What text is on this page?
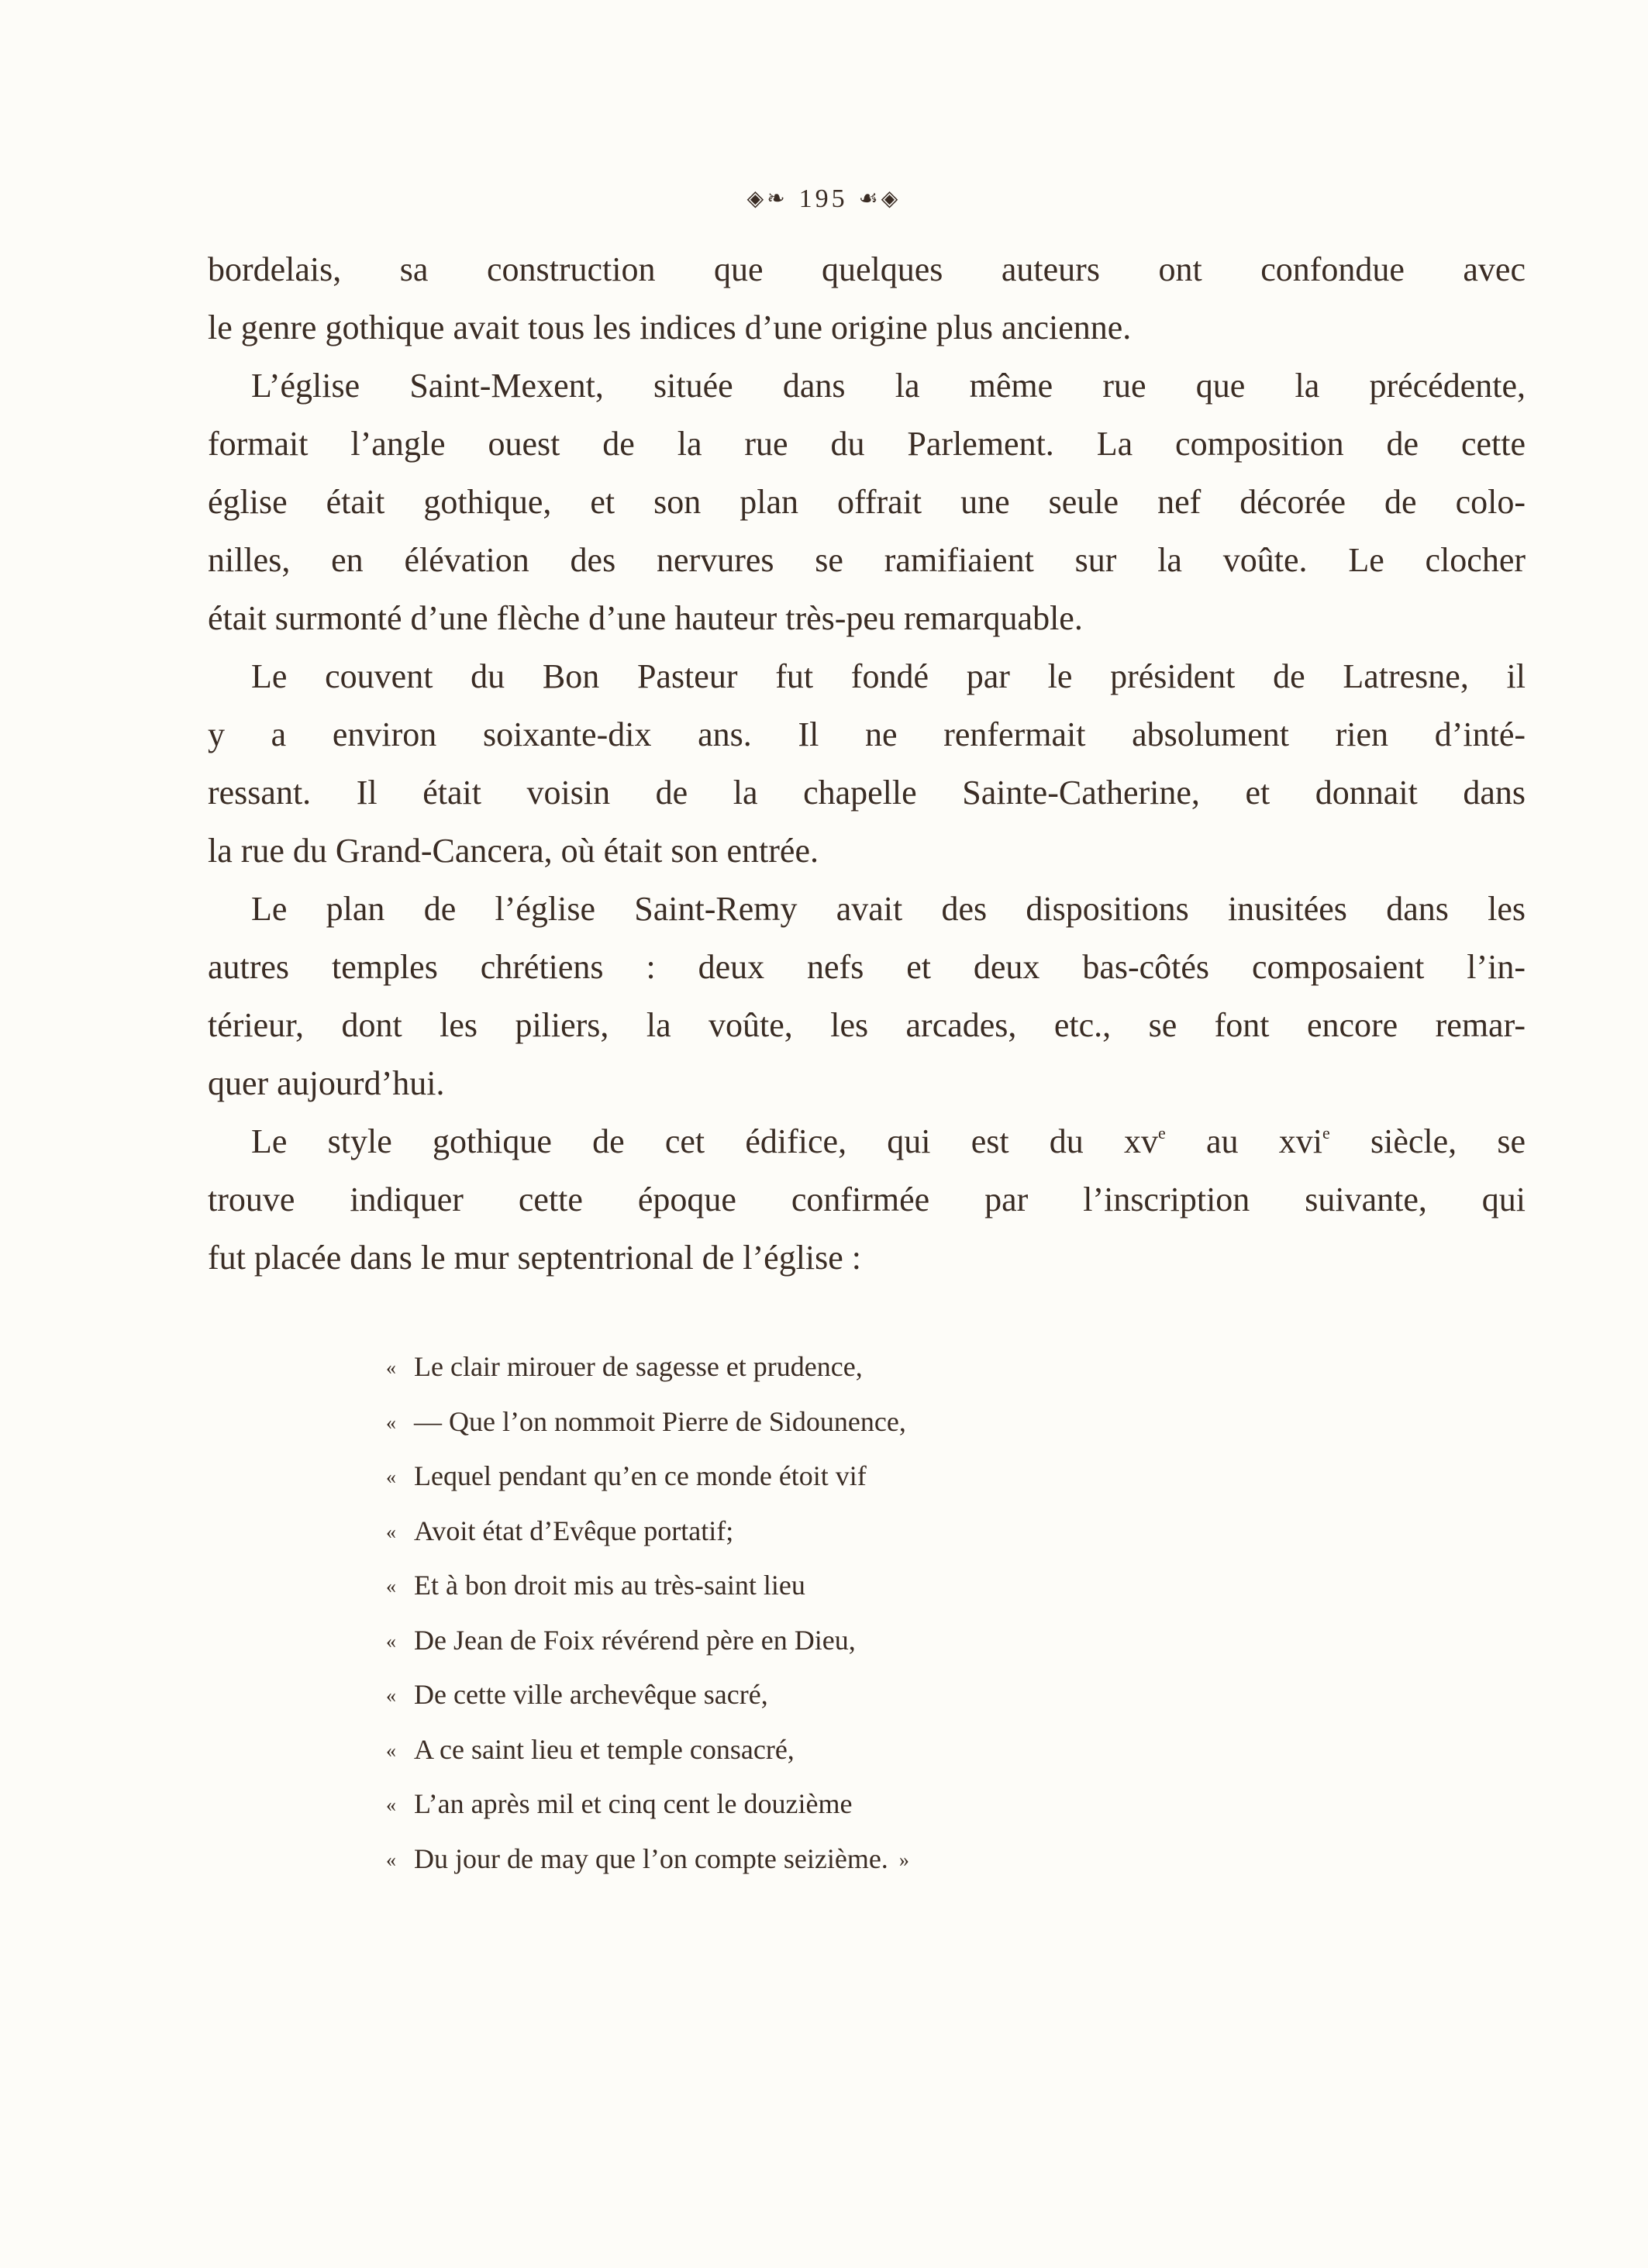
◈❧ 195 ☙◈
bordelais, sa construction que quelques auteurs ont confondue avec
le genre gothique avait tous les indices d’une origine plus ancienne.
L’église Saint-Mexent, située dans la même rue que la précédente,
formait l’angle ouest de la rue du Parlement. La composition de cette
église était gothique, et son plan offrait une seule nef décorée de colo-
nilles, en élévation des nervures se ramifiaient sur la voûte. Le clocher
était surmonté d’une flèche d’une hauteur très-peu remarquable.
Le couvent du Bon Pasteur fut fondé par le président de Latresne, il
y a environ soixante-dix ans. Il ne renfermait absolument rien d’inté-
ressant. Il était voisin de la chapelle Sainte-Catherine, et donnait dans
la rue du Grand-Cancera, où était son entrée.
Le plan de l’église Saint-Remy avait des dispositions inusitées dans les
autres temples chrétiens : deux nefs et deux bas-côtés composaient l’in-
térieur, dont les piliers, la voûte, les arcades, etc., se font encore remar-
quer aujourd’hui.
Le style gothique de cet édifice, qui est du $xv^e$ au xvi$^e$ siècle, se
trouve indiquer cette époque confirmée par l’inscription suivante, qui
fut placée dans le mur septentrional de l’église :
« Le clair mirouer de sagesse et prudence,
« — Que l’on nommoit Pierre de Sidounence,
« Lequel pendant qu’en ce monde étoit vif
« Avoit état d’Evêque portatif;
« Et à bon droit mis au très-saint lieu
« De Jean de Foix révérend père en Dieu,
« De cette ville archevêque sacré,
« A ce saint lieu et temple consacré,
« L’an après mil et cinq cent le douzième
« Du jour de may que l’on compte seizième. »
